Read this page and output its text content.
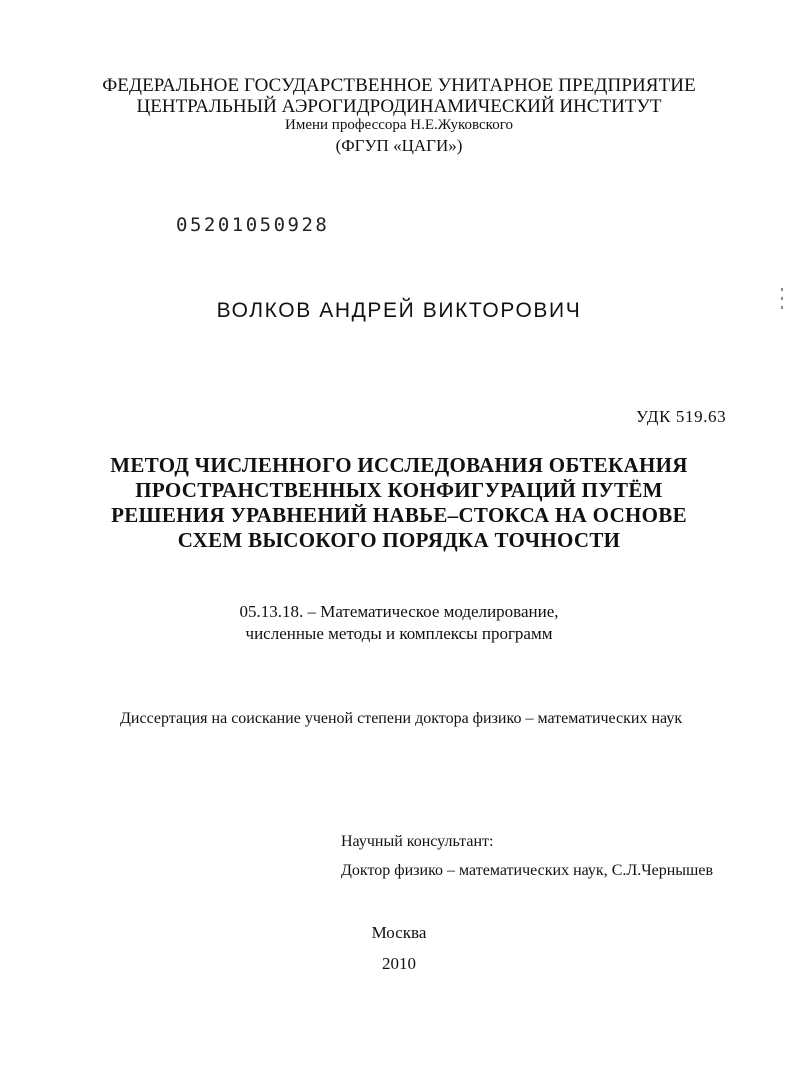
ФЕДЕРАЛЬНОЕ ГОСУДАРСТВЕННОЕ УНИТАРНОЕ ПРЕДПРИЯТИЕ
ЦЕНТРАЛЬНЫЙ АЭРОГИДРОДИНАМИЧЕСКИЙ ИНСТИТУТ
Имени профессора Н.Е.Жуковского
(ФГУП «ЦАГИ»)
05201050928
ВОЛКОВ АНДРЕЙ ВИКТОРОВИЧ
УДК 519.63
МЕТОД ЧИСЛЕННОГО ИССЛЕДОВАНИЯ ОБТЕКАНИЯ
ПРОСТРАНСТВЕННЫХ КОНФИГУРАЦИЙ ПУТЁМ
РЕШЕНИЯ УРАВНЕНИЙ НАВЬЕ–СТОКСА НА ОСНОВЕ
СХЕМ ВЫСОКОГО ПОРЯДКА ТОЧНОСТИ
05.13.18. – Математическое моделирование,
численные методы и комплексы программ
Диссертация на соискание ученой степени доктора физико – математических наук
Научный консультант:
Доктор физико – математических наук, С.Л.Чернышев
Москва
2010
